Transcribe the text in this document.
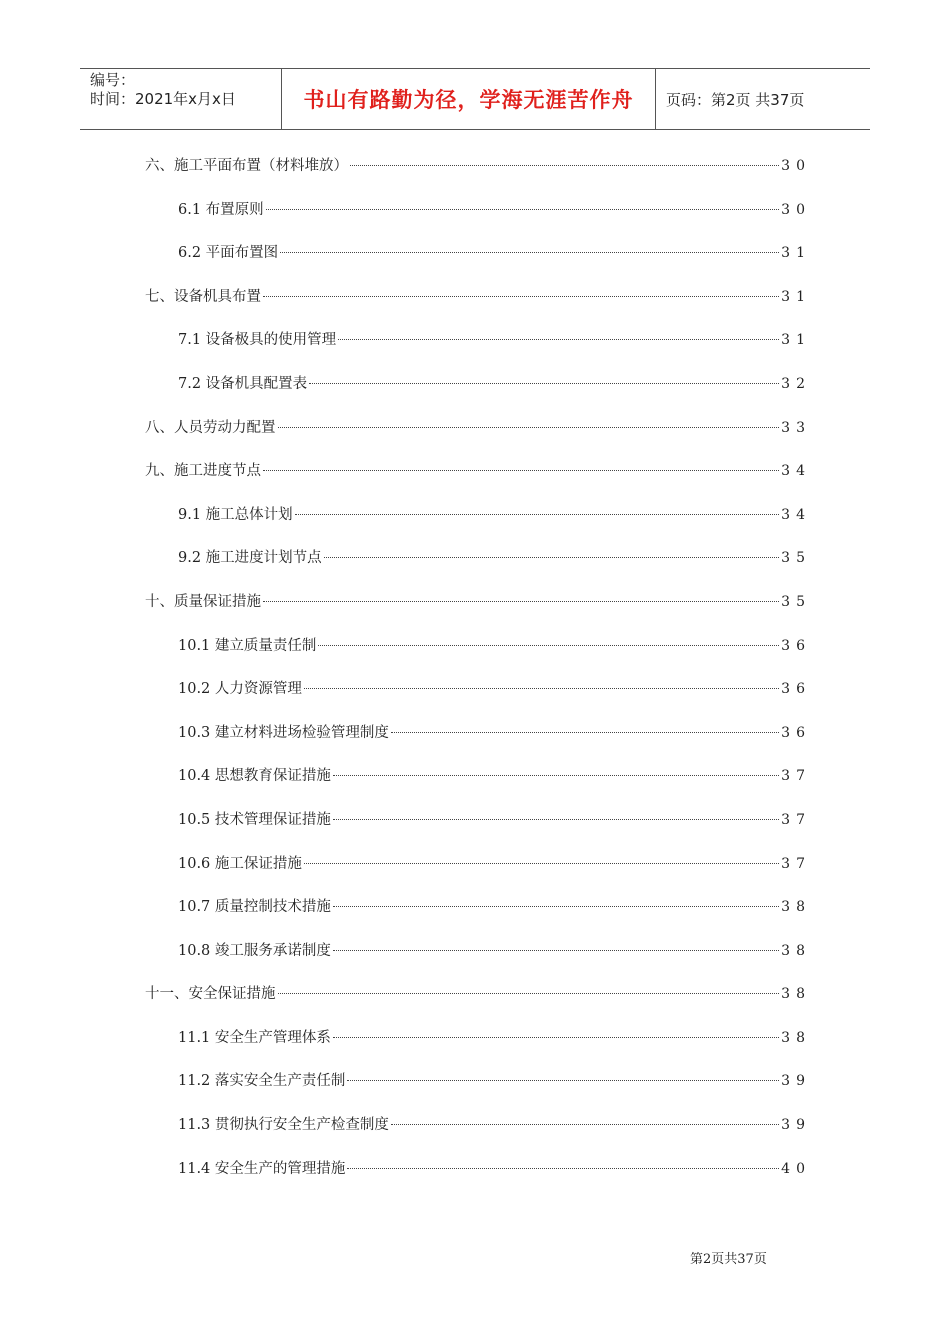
编号：
时间：2021年x月x日	书山有路勤为径，学海无涯苦作舟	页码：第2页 共37页
六、施工平面布置（材料堆放）	30
6.1 布置原则	30
6.2 平面布置图	31
七、设备机具布置	31
7.1 设备极具的使用管理	31
7.2 设备机具配置表	32
八、人员劳动力配置	33
九、施工进度节点	34
9.1 施工总体计划	34
9.2 施工进度计划节点	35
十、质量保证措施	35
10.1 建立质量责任制	36
10.2 人力资源管理	36
10.3 建立材料进场检验管理制度	36
10.4 思想教育保证措施	37
10.5 技术管理保证措施	37
10.6 施工保证措施	37
10.7 质量控制技术措施	38
10.8 竣工服务承诺制度	38
十一、安全保证措施	38
11.1 安全生产管理体系	38
11.2 落实安全生产责任制	39
11.3 贯彻执行安全生产检查制度	39
11.4 安全生产的管理措施	40
第2页共37页
